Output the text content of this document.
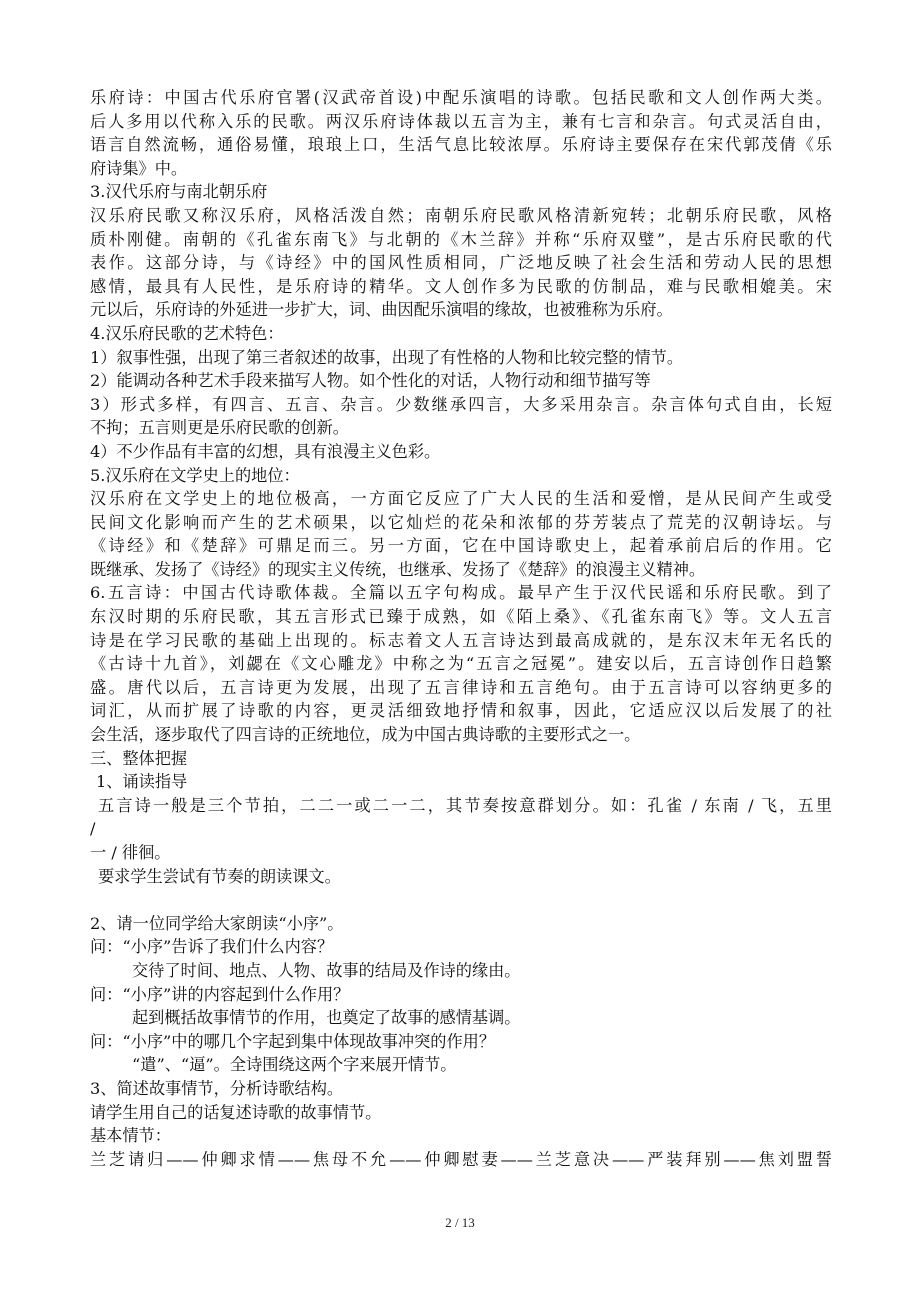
乐府诗：中国古代乐府官署(汉武帝首设)中配乐演唱的诗歌。包括民歌和文人创作两大类。
后人多用以代称入乐的民歌。两汉乐府诗体裁以五言为主，兼有七言和杂言。句式灵活自由，
语言自然流畅，通俗易懂，琅琅上口，生活气息比较浓厚。乐府诗主要保存在宋代郭茂倩《乐
府诗集》中。
3.汉代乐府与南北朝乐府
汉乐府民歌又称汉乐府，风格活泼自然；南朝乐府民歌风格清新宛转；北朝乐府民歌，风格
质朴刚健。南朝的《孔雀东南飞》与北朝的《木兰辞》并称“乐府双璧”，是古乐府民歌的代
表作。这部分诗，与《诗经》中的国风性质相同，广泛地反映了社会生活和劳动人民的思想
感情，最具有人民性，是乐府诗的精华。文人创作多为民歌的仿制品，难与民歌相媲美。宋
元以后，乐府诗的外延进一步扩大，词、曲因配乐演唱的缘故，也被雅称为乐府。
4.汉乐府民歌的艺术特色：
1）叙事性强，出现了第三者叙述的故事，出现了有性格的人物和比较完整的情节。
2）能调动各种艺术手段来描写人物。如个性化的对话，人物行动和细节描写等
3）形式多样，有四言、五言、杂言。少数继承四言，大多采用杂言。杂言体句式自由，长短
不拘；五言则更是乐府民歌的创新。
4）不少作品有丰富的幻想，具有浪漫主义色彩。
5.汉乐府在文学史上的地位：
汉乐府在文学史上的地位极高，一方面它反应了广大人民的生活和爱憎，是从民间产生或受
民间文化影响而产生的艺术硕果，以它灿烂的花朵和浓郁的芬芳装点了荒芜的汉朝诗坛。与
《诗经》和《楚辞》可鼎足而三。另一方面，它在中国诗歌史上，起着承前启后的作用。它
既继承、发扬了《诗经》的现实主义传统，也继承、发扬了《楚辞》的浪漫主义精神。
6.五言诗：中国古代诗歌体裁。全篇以五字句构成。最早产生于汉代民谣和乐府民歌。到了
东汉时期的乐府民歌，其五言形式已臻于成熟，如《陌上桑》、《孔雀东南飞》等。文人五言
诗是在学习民歌的基础上出现的。标志着文人五言诗达到最高成就的，是东汉末年无名氏的
《古诗十九首》，刘勰在《文心雕龙》中称之为“五言之冠冕”。建安以后，五言诗创作日趋繁
盛。唐代以后，五言诗更为发展，出现了五言律诗和五言绝句。由于五言诗可以容纳更多的
词汇，从而扩展了诗歌的内容，更灵活细致地抒情和叙事，因此，它适应汉以后发展了的社
会生活，逐步取代了四言诗的正统地位，成为中国古典诗歌的主要形式之一。
三、整体把握
1、诵读指导
五言诗一般是三个节拍，二二一或二一二，其节奏按意群划分。如：孔雀 / 东南 / 飞，五里
/
一 / 徘徊。
要求学生尝试有节奏的朗读课文。
2、请一位同学给大家朗读“小序”。
问：“小序”告诉了我们什么内容？
交待了时间、地点、人物、故事的结局及作诗的缘由。
问：“小序”讲的内容起到什么作用？
起到概括故事情节的作用，也奠定了故事的感情基调。
问：“小序”中的哪几个字起到集中体现故事冲突的作用？
“遣”、“逼”。全诗围绕这两个字来展开情节。
3、简述故事情节，分析诗歌结构。
请学生用自己的话复述诗歌的故事情节。
基本情节：
兰芝请归——仲卿求情——焦母不允——仲卿慰妻——兰芝意决——严装拜别——焦刘盟誓
2 / 13
